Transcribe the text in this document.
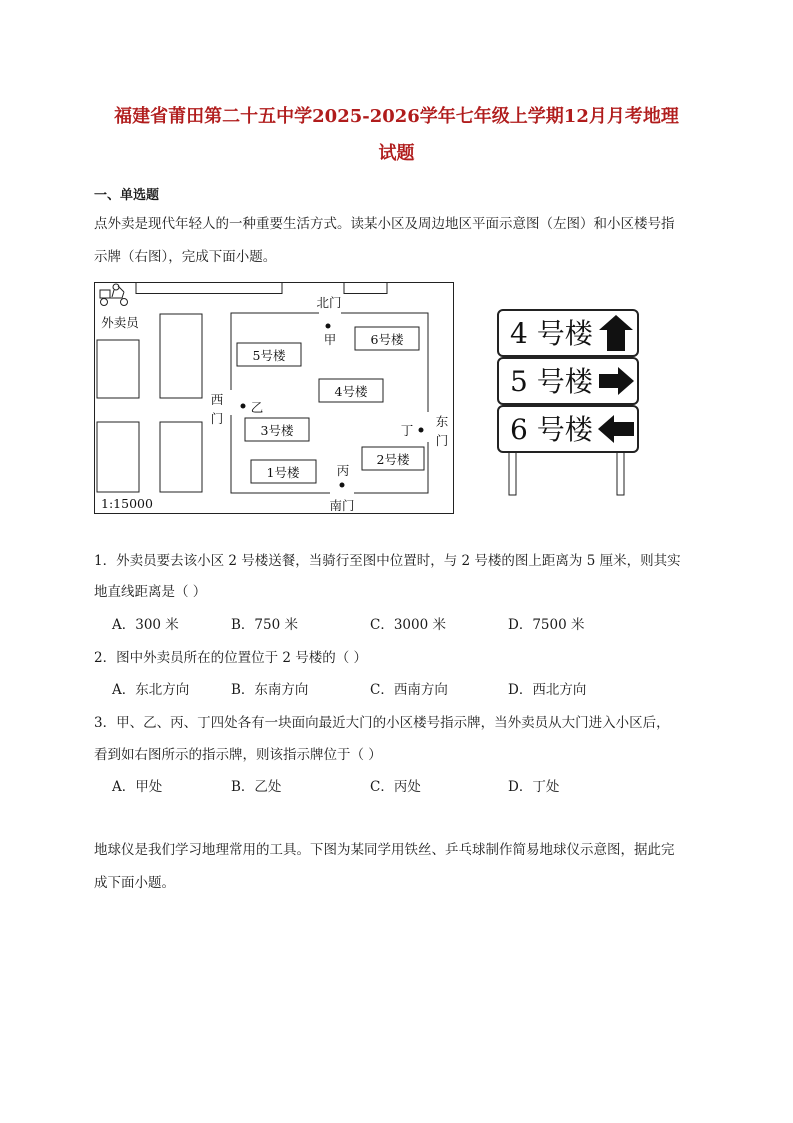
福建省莆田第二十五中学2025-2026学年七年级上学期12月月考地理
试题
一、单选题
点外卖是现代年轻人的一种重要生活方式。读某小区及周边地区平面示意图（左图）和小区楼号指
示牌（右图），完成下面小题。
5号楼
6号楼
4号楼
3号楼
2号楼
1号楼
北门
南门
西
门	东
门
甲
乙
丙
丁
外卖员
1:15000
4 号楼
5 号楼
6 号楼
1．外卖员要去该小区 2 号楼送餐，当骑行至图中位置时，与 2 号楼的图上距离为 5 厘米，则其实
地直线距离是（ ）
A．300 米	B．750 米	C．3000 米	D．7500 米
2．图中外卖员所在的位置位于 2 号楼的（ ）
A．东北方向	B．东南方向	C．西南方向	D．西北方向
3．甲、乙、丙、丁四处各有一块面向最近大门的小区楼号指示牌，当外卖员从大门进入小区后，
看到如右图所示的指示牌，则该指示牌位于（ ）
A．甲处	B．乙处	C．丙处	D．丁处
地球仪是我们学习地理常用的工具。下图为某同学用铁丝、乒乓球制作简易地球仪示意图，据此完
成下面小题。
